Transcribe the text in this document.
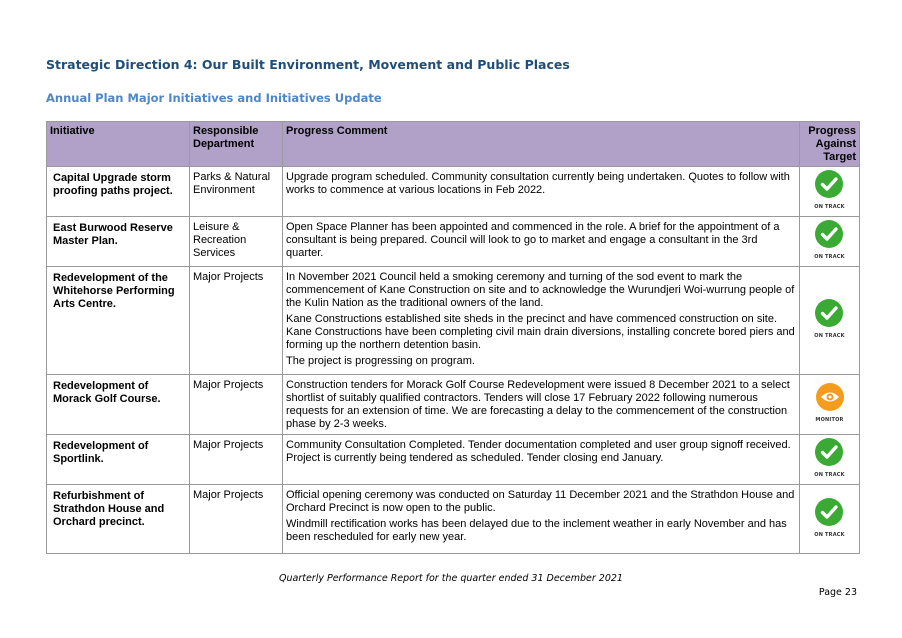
Strategic Direction 4: Our Built Environment, Movement and Public Places

Annual Plan Major Initiatives and Initiatives Update

Initiative	Responsible Department	Progress Comment	Progress Against Target
Capital Upgrade storm proofing paths project.	Parks & Natural Environment	Upgrade program scheduled. Community consultation currently being undertaken. Quotes to follow with works to commence at various locations in Feb 2022.	ON TRACK

East Burwood Reserve Master Plan.	Leisure & Recreation Services	Open Space Planner has been appointed and commenced in the role. A brief for the appointment of a consultant is being prepared. Council will look to go to market and engage a consultant in the 3rd quarter.	ON TRACK

Redevelopment of the Whitehorse Performing Arts Centre.	Major Projects	In November 2021 Council held a smoking ceremony and turning of the sod event to mark the commencement of Kane Construction on site and to acknowledge the Wurundjeri Woi-wurrung people of the Kulin Nation as the traditional owners of the land.

Kane Constructions established site sheds in the precinct and have commenced construction on site. Kane Constructions have been completing civil main drain diversions, installing concrete bored piers and forming up the northern detention basin.

The project is progressing on program.	ON TRACK

Redevelopment of Morack Golf Course.	Major Projects	Construction tenders for Morack Golf Course Redevelopment were issued 8 December 2021 to a select shortlist of suitably qualified contractors. Tenders will close 17 February 2022 following numerous requests for an extension of time. We are forecasting a delay to the commencement of the construction phase by 2-3 weeks.	MONITOR

Redevelopment of Sportlink.	Major Projects	Community Consultation Completed. Tender documentation completed and user group signoff received. Project is currently being tendered as scheduled. Tender closing end January.	ON TRACK

Refurbishment of Strathdon House and Orchard precinct.	Major Projects	Official opening ceremony was conducted on Saturday 11 December 2021 and the Strathdon House and Orchard Precinct is now open to the public.

Windmill rectification works has been delayed due to the inclement weather in early November and has been rescheduled for early new year.	ON TRACK

Quarterly Performance Report for the quarter ended 31 December 2021

Page 23
